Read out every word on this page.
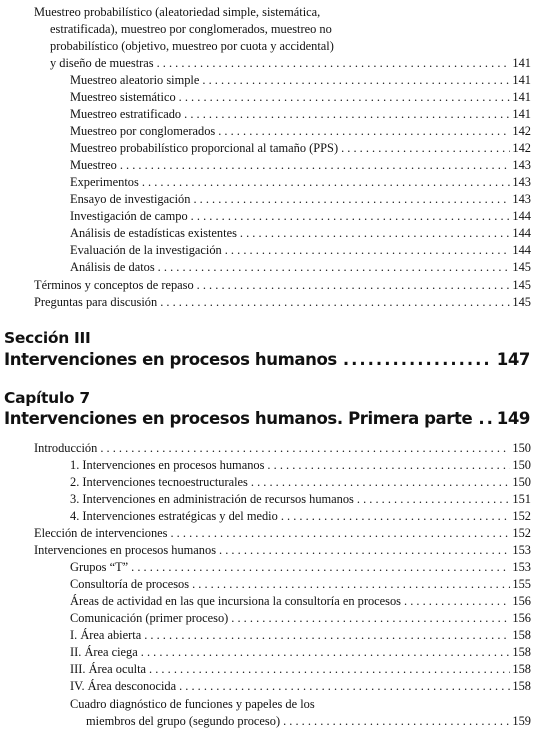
Muestreo probabilístico (aleatoriedad simple, sistemática,
estratificada), muestreo por conglomerados, muestreo no
probabilístico (objetivo, muestreo por cuota y accidental)
y diseño de muestras . . .	141
Muestreo aleatorio simple . . .	141
Muestreo sistemático . . .	141
Muestreo estratificado . . .	141
Muestreo por conglomerados . . .	142
Muestreo probabilístico proporcional al tamaño (PPS) . . .	142
Muestreo . . .	143
Experimentos . . .	143
Ensayo de investigación . . .	143
Investigación de campo . . .	144
Análisis de estadísticas existentes . . .	144
Evaluación de la investigación . . .	144
Análisis de datos . . .	145
Términos y conceptos de repaso . . .	145
Preguntas para discusión . . .	145
Sección III
Intervenciones en procesos humanos .....	147
Capítulo 7
Intervenciones en procesos humanos. Primera parte ..... 149
Introducción . . .	150
1. Intervenciones en procesos humanos . . .	150
2. Intervenciones tecnoestructurales . . .	150
3. Intervenciones en administración de recursos humanos . . .	151
4. Intervenciones estratégicas y del medio . . .	152
Elección de intervenciones . . .	152
Intervenciones en procesos humanos . . .	153
Grupos “T” . . .	153
Consultoría de procesos . . .	155
Áreas de actividad en las que incursiona la consultoría en procesos . . .	156
Comunicación (primer proceso) . . .	156
I. Área abierta . . .	158
II. Área ciega . . .	158
III. Área oculta . . .	158
IV. Área desconocida . . .	158
Cuadro diagnóstico de funciones y papeles de los
miembros del grupo (segundo proceso) . . .	159
